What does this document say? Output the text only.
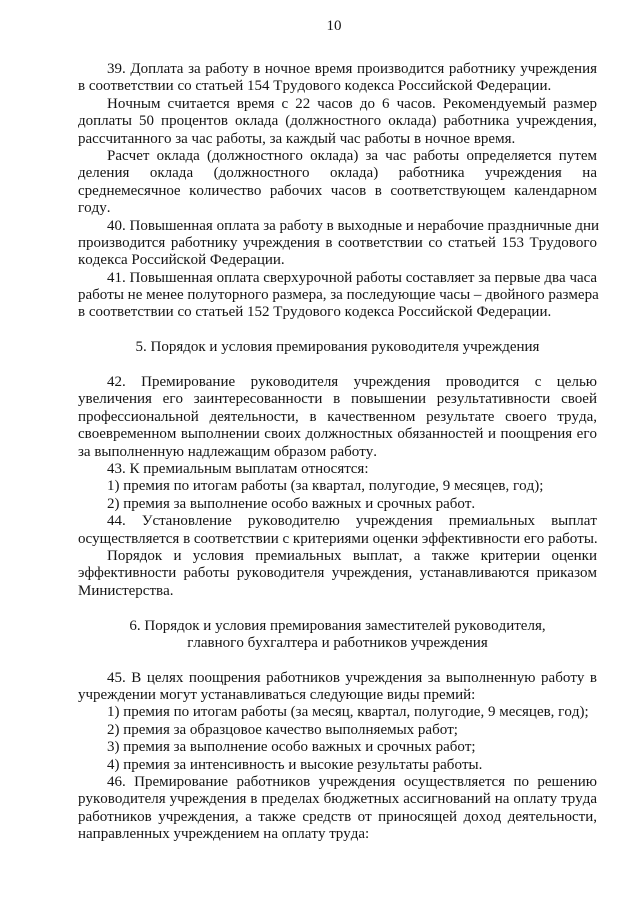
10
39. Доплата за работу в ночное время производится работнику учреждения
в соответствии со статьей 154 Трудового кодекса Российской Федерации.
Ночным считается время с 22 часов до 6 часов. Рекомендуемый размер
доплаты 50 процентов оклада (должностного оклада) работника учреждения,
рассчитанного за час работы, за каждый час работы в ночное время.
Расчет оклада (должностного оклада) за час работы определяется путем
деления оклада (должностного оклада) работника учреждения на
среднемесячное количество рабочих часов в соответствующем календарном
году.
40. Повышенная оплата за работу в выходные и нерабочие праздничные дни
производится работнику учреждения в соответствии со статьей 153 Трудового
кодекса Российской Федерации.
41. Повышенная оплата сверхурочной работы составляет за первые два часа
работы не менее полуторного размера, за последующие часы – двойного размера
в соответствии со статьей 152 Трудового кодекса Российской Федерации.
5. Порядок и условия премирования руководителя учреждения
42. Премирование руководителя учреждения проводится с целью
увеличения его заинтересованности в повышении результативности своей
профессиональной деятельности, в качественном результате своего труда,
своевременном выполнении своих должностных обязанностей и поощрения его
за выполненную надлежащим образом работу.
43. К премиальным выплатам относятся:
1) премия по итогам работы (за квартал, полугодие, 9 месяцев, год);
2) премия за выполнение особо важных и срочных работ.
44. Установление руководителю учреждения премиальных выплат
осуществляется в соответствии с критериями оценки эффективности его работы.
Порядок и условия премиальных выплат, а также критерии оценки
эффективности работы руководителя учреждения, устанавливаются приказом
Министерства.
6. Порядок и условия премирования заместителей руководителя,
главного бухгалтера и работников учреждения
45. В целях поощрения работников учреждения за выполненную работу в
учреждении могут устанавливаться следующие виды премий:
1) премия по итогам работы (за месяц, квартал, полугодие, 9 месяцев, год);
2) премия за образцовое качество выполняемых работ;
3) премия за выполнение особо важных и срочных работ;
4) премия за интенсивность и высокие результаты работы.
46. Премирование работников учреждения осуществляется по решению
руководителя учреждения в пределах бюджетных ассигнований на оплату труда
работников учреждения, а также средств от приносящей доход деятельности,
направленных учреждением на оплату труда:
